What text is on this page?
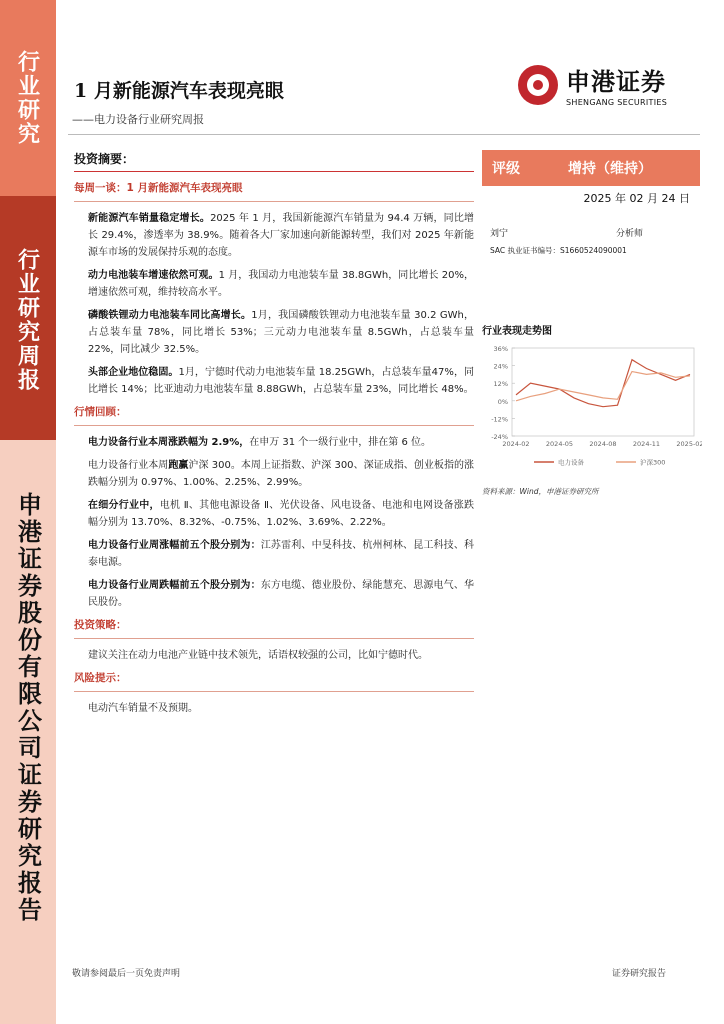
行业研究
行业研究周报
申港证券股份有限公司证券研究报告
1 月新能源汽车表现亮眼
——电力设备行业研究周报
申港证券
SHENGANG SECURITIES
投资摘要：
每周一谈：1 月新能源汽车表现亮眼

新能源汽车销量稳定增长。2025 年 1 月，我国新能源汽车销量为 94.4 万辆，同比增长 29.4%，渗透率为 38.9%。随着各大厂家加速向新能源转型，我们对 2025 年新能源车市场的发展保持乐观的态度。

动力电池装车增速依然可观。1 月，我国动力电池装车量 38.8GWh，同比增长 20%，增速依然可观，维持较高水平。

磷酸铁锂动力电池装车同比高增长。1月，我国磷酸铁锂动力电池装车量 30.2 GWh，占总装车量 78%，同比增长 53%；三元动力电池装车量 8.5GWh，占总装车量 22%，同比减少 32.5%。

头部企业地位稳固。1月，宁德时代动力电池装车量 18.25GWh，占总装车量47%，同比增长 14%；比亚迪动力电池装车量 8.88GWh，占总装车量 23%，同比增长 48%。

行情回顾：

电力设备行业本周涨跌幅为 2.9%，在申万 31 个一级行业中，排在第 6 位。

电力设备行业本周跑赢沪深 300。本周上证指数、沪深 300、深证成指、创业板指的涨跌幅分别为 0.97%、1.00%、2.25%、2.99%。

在细分行业中，电机 Ⅱ、其他电源设备 Ⅱ、光伏设备、风电设备、电池和电网设备涨跌幅分别为 13.70%、8.32%、-0.75%、1.02%、3.69%、2.22%。

电力设备行业周涨幅前五个股分别为：江苏雷利、中旻科技、杭州柯林、昆工科技、科泰电源。

电力设备行业周跌幅前五个股分别为：东方电缆、德业股份、绿能慧充、思源电气、华民股份。

投资策略：

建议关注在动力电池产业链中技术领先，话语权较强的公司，比如宁德时代。

风险提示：

电动汽车销量不及预期。

评级	增持（维持）
2025 年 02 月 24 日
刘宁	分析师
SAC 执业证书编号：S1660524090001
行业表现走势图
36%
24%
12%
0%
-12%
-24%
2024-02	2024-05	2024-08	2024-11	2025-02
电力设备	沪深300
资料来源：Wind，申港证券研究所
敬请参阅最后一页免责声明	证券研究报告
